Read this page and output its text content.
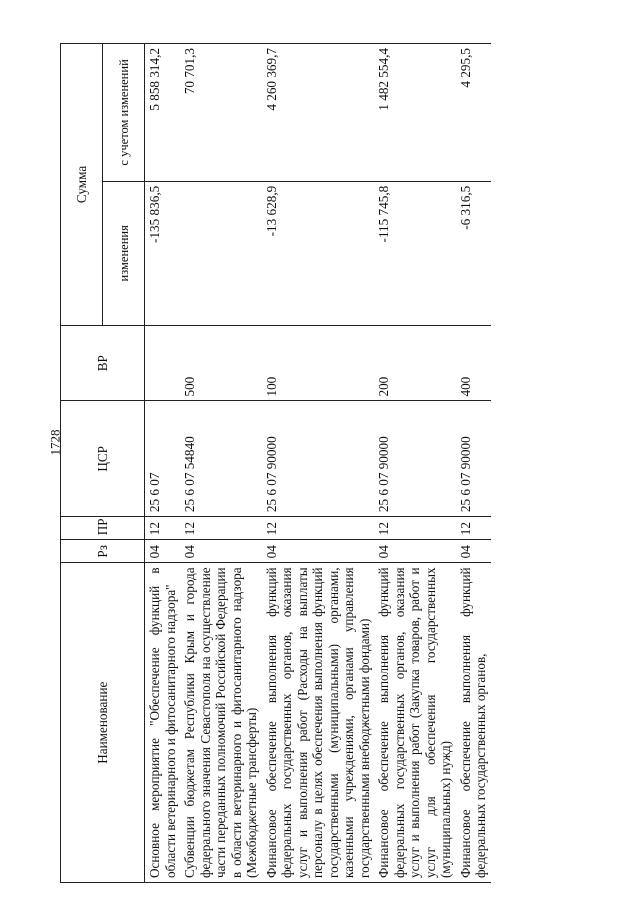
1728
Наименование	Рз	ПР	ЦСР	ВР	Сумма	
					изменения	с учетом изменений
Основное мероприятие "Обеспечение функций в области ветеринарного и фитосанитарного надзора"	04	12	25 6 07		-135 836,5	5 858 314,2
Субвенции бюджетам Республики Крым и города федерального значения Севастополя на осуществление части переданных полномочий Российской Федерации в области ветеринарного и фитосанитарного надзора (Межбюджетные трансферты)	04	12	25 6 07 54840	500		70 701,3
Финансовое обеспечение выполнения функций федеральных государственных органов, оказания услуг и выполнения работ (Расходы на выплаты персоналу в целях обеспечения выполнения функций государственными (муниципальными) органами, казенными учреждениями, органами управления государственными внебюджетными фондами)	04	12	25 6 07 90000	100	-13 628,9	4 260 369,7
Финансовое обеспечение выполнения функций федеральных государственных органов, оказания услуг и выполнения работ (Закупка товаров, работ и услуг для обеспечения государственных (муниципальных) нужд)	04	12	25 6 07 90000	200	-115 745,8	1 482 554,4
Финансовое обеспечение выполнения функций федеральных государственных органов,	04	12	25 6 07 90000	400	-6 316,5	4 295,5
